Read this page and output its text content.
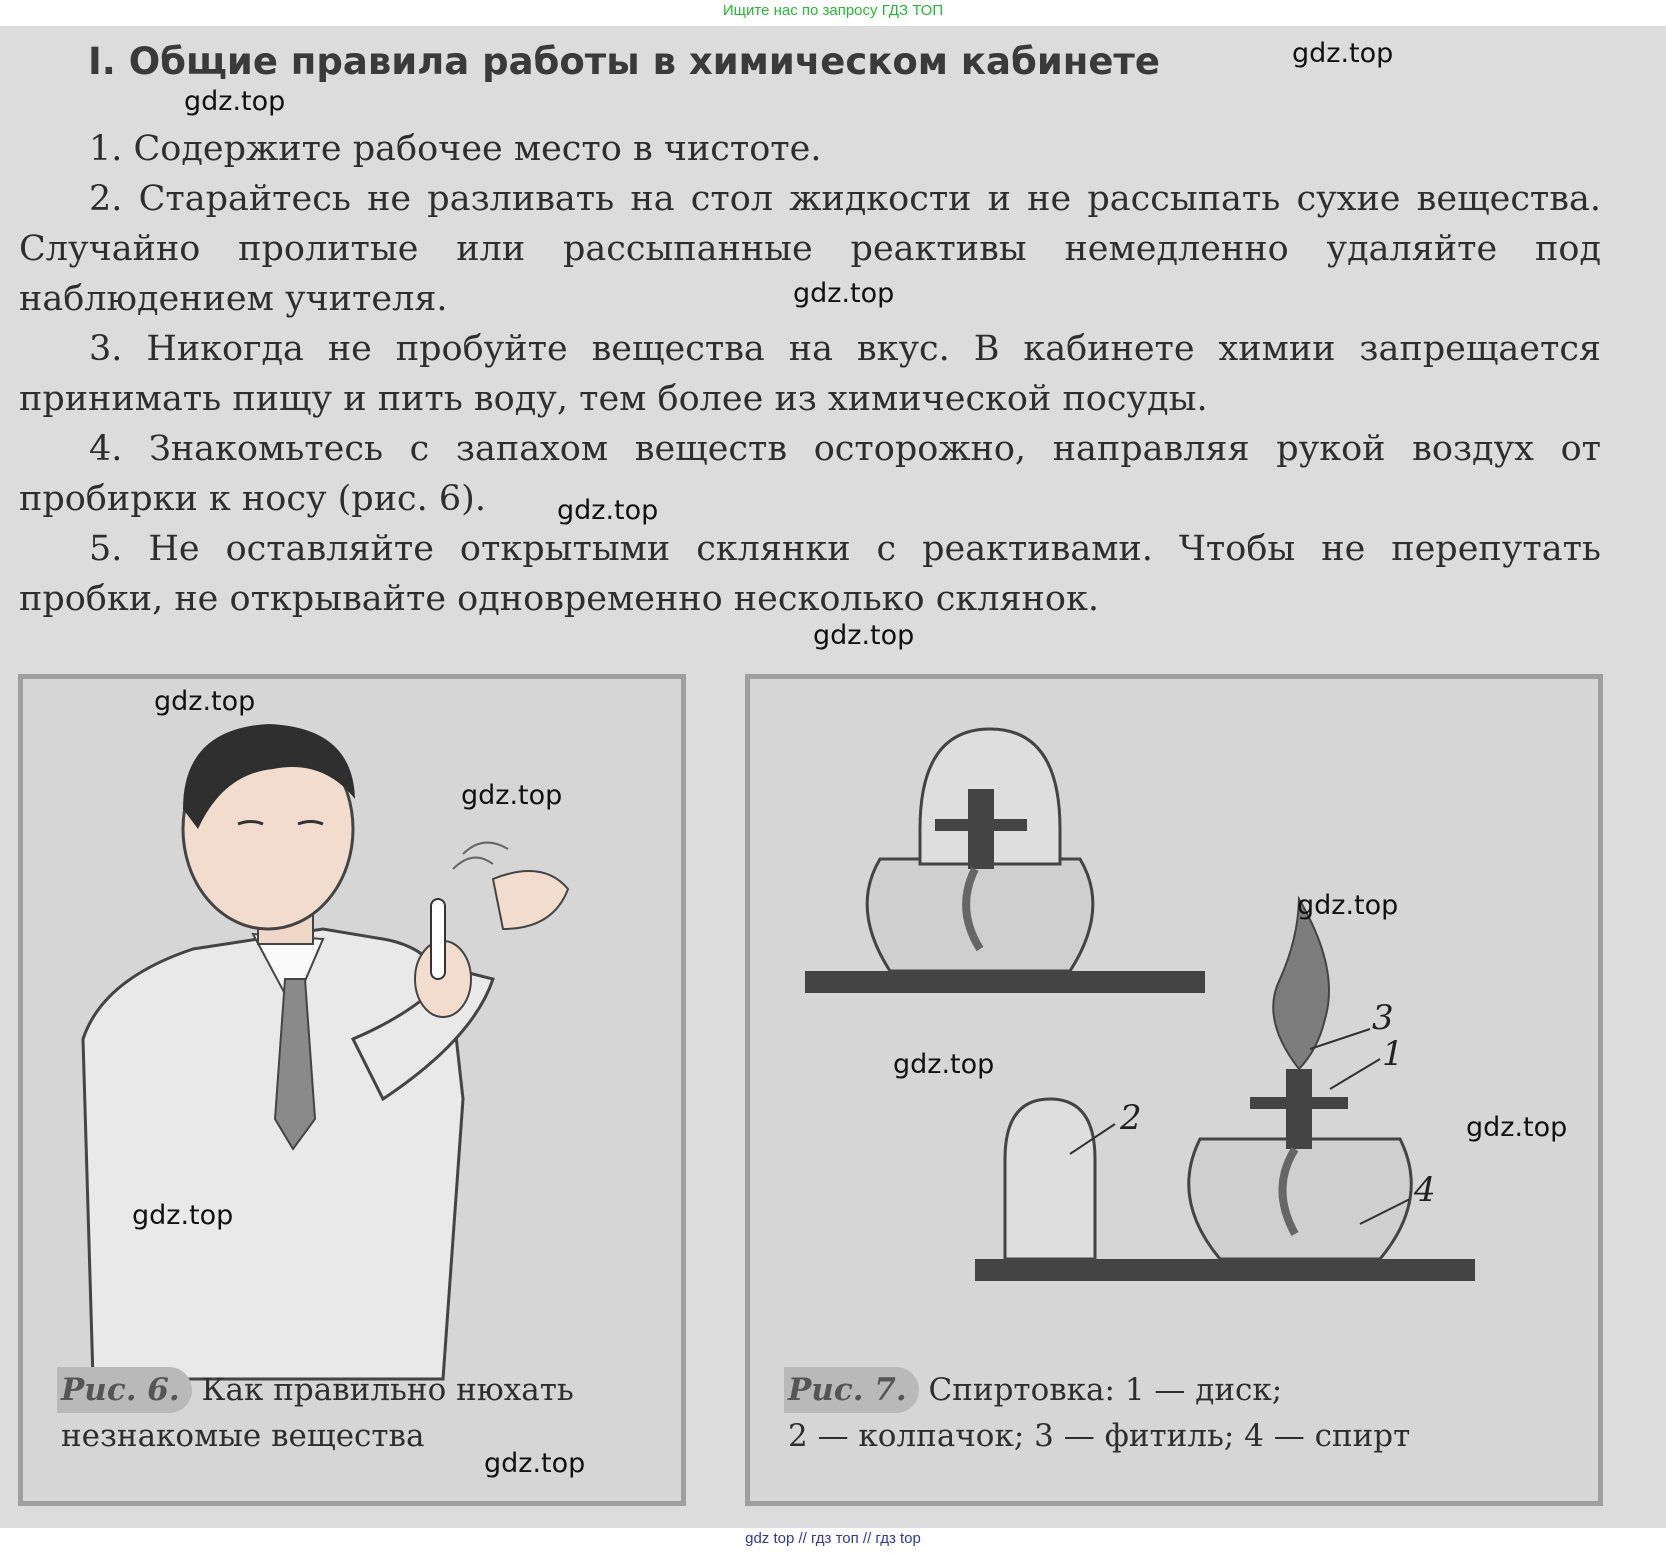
Ищите нас по запросу ГДЗ ТОП
I. Общие правила работы в химическом кабинете

1. Содержите рабочее место в чистоте.

2. Старайтесь не разливать на стол жидкости и не рассыпать сухие вещества. Случайно пролитые или рассыпанные реактивы немедленно удаляйте под наблюдением учителя.

3. Никогда не пробуйте вещества на вкус. В кабинете химии запрещается принимать пищу и пить воду, тем более из химической посуды.

4. Знакомьтесь с запахом веществ осторожно, направляя рукой воздух от пробирки к носу (рис. 6).

5. Не оставляйте открытыми склянки с реактивами. Чтобы не перепутать пробки, не открывайте одновременно несколько склянок.

Рис. 6. Как правильно нюхать незнакомые вещества
1
2
3
4
Рис. 7. Спиртовка: 1 — диск;
2 — колпачок; 3 — фитиль; 4 — спирт
gdz.top
gdz.top
gdz.top
gdz.top
gdz.top
gdz.top
gdz.top
gdz.top
gdz.top
gdz.top
gdz.top
gdz.top
gdz top // гдз топ // гдз top
